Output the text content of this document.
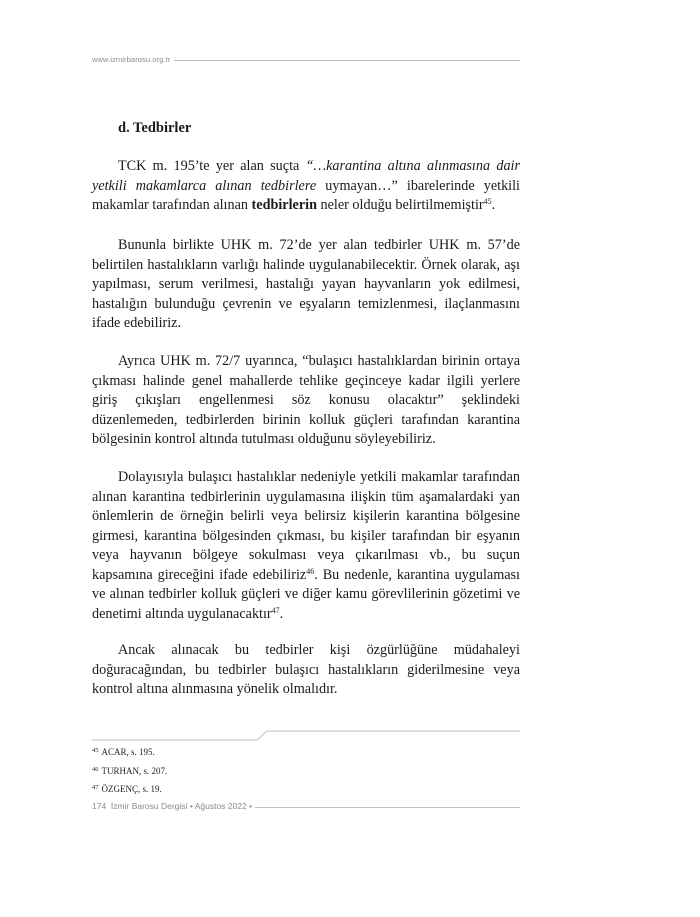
www.izmirbarosu.org.tr
d. Tedbirler

TCK m. 195’te yer alan suçta “…karantina altına alınmasına dair yetkili makamlarca alınan tedbirlere uymayan…” ibarelerinde yetkili makamlar tarafından alınan tedbirlerin neler olduğu belirtilmemiştir$^{45}$.

Bununla birlikte UHK m. 72’de yer alan tedbirler UHK m. 57’de belirtilen hastalıkların varlığı halinde uygulanabilecektir. Örnek olarak, aşı yapılması, serum verilmesi, hastalığı yayan hayvanların yok edilmesi, hastalığın bulunduğu çevrenin ve eşyaların temizlenmesi, ilaçlanmasını ifade edebiliriz.

Ayrıca UHK m. 72/7 uyarınca, “bulaşıcı hastalıklardan birinin ortaya çıkması halinde genel mahallerde tehlike geçinceye kadar ilgili yerlere giriş çıkışları engellenmesi söz konusu olacaktır” şeklindeki düzenlemeden, tedbirlerden birinin kolluk güçleri tarafından karantina bölgesinin kontrol altında tutulması olduğunu söyleyebiliriz.

Dolayısıyla bulaşıcı hastalıklar nedeniyle yetkili makamlar tarafından alınan karantina tedbirlerinin uygulamasına ilişkin tüm aşamalardaki yan önlemlerin de örneğin belirli veya belirsiz kişilerin karantina bölgesine girmesi, karantina bölgesinden çıkması, bu kişiler tarafından bir eşyanın veya hayvanın bölgeye sokulması veya çıkarılması vb., bu suçun kapsamına gireceğini ifade edebiliriz$^{46}$. Bu nedenle, karantina uygulaması ve alınan tedbirler kolluk güçleri ve diğer kamu görevlilerinin gözetimi ve denetimi altında uygulanacaktır$^{47}$.

Ancak alınacak bu tedbirler kişi özgürlüğüne müdahaleyi doğuracağından, bu tedbirler bulaşıcı hastalıkların giderilmesine veya kontrol altına alınmasına yönelik olmalıdır.

$^{45}$ ACAR, s. 195.
$^{46}$ TURHAN, s. 207.
$^{47}$ ÖZGENÇ, s. 19.
174 İzmir Barosu Dergisi • Ağustos 2022 •
